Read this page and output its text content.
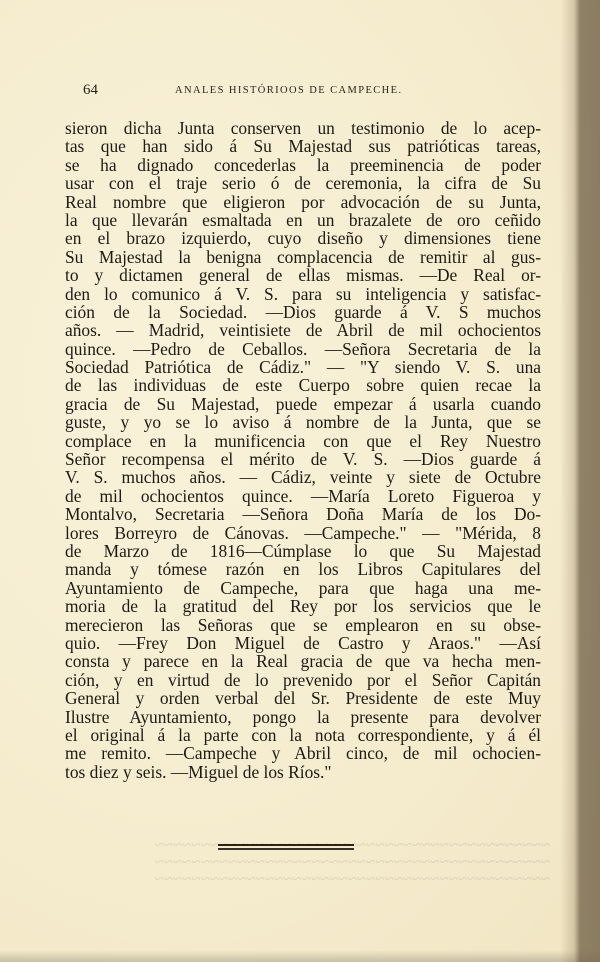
~~~~~~~~~~~~~~~~~~~~~~~~~~~~~~~~~~~~~~~~~~~
~~~~~~~~~~~~~~~~~~~~~~~~~~~~~~~~~~~~~~~~~~~
~~~~~~~~~~~~~~~~~~~~~~~~~~~~~~~~~~~~~~~~~~~
64	ANALES HISTÓRIOOS DE CAMPECHE.
sieron dicha Junta conserven un testimonio de lo acep-
tas que han sido á Su Majestad sus patrióticas tareas,
se ha dignado concederlas la preeminencia de poder
usar con el traje serio ó de ceremonia, la cifra de Su
Real nombre que eligieron por advocación de su Junta,
la que llevarán esmaltada en un brazalete de oro ceñido
en el brazo izquierdo, cuyo diseño y dimensiones tiene
Su Majestad la benigna complacencia de remitir al gus-
to y dictamen general de ellas mismas. —De Real or-
den lo comunico á V. S. para su inteligencia y satisfac-
ción de la Sociedad. —Dios guarde á V. S muchos
años. — Madrid, veintisiete de Abril de mil ochocientos
quince. —Pedro de Ceballos. —Señora Secretaria de la
Sociedad Patriótica de Cádiz." — "Y siendo V. S. una
de las individuas de este Cuerpo sobre quien recae la
gracia de Su Majestad, puede empezar á usarla cuando
guste, y yo se lo aviso á nombre de la Junta, que se
complace en la munificencia con que el Rey Nuestro
Señor recompensa el mérito de V. S. —Dios guarde á
V. S. muchos años. — Cádiz, veinte y siete de Octubre
de mil ochocientos quince. —María Loreto Figueroa y
Montalvo, Secretaria —Señora Doña María de los Do-
lores Borreyro de Cánovas. —Campeche." — "Mérida, 8
de Marzo de 1816—Cúmplase lo que Su Majestad
manda y tómese razón en los Libros Capitulares del
Ayuntamiento de Campeche, para que haga una me-
moria de la gratitud del Rey por los servicios que le
merecieron las Señoras que se emplearon en su obse-
quio. —Frey Don Miguel de Castro y Araos." —Así
consta y parece en la Real gracia de que va hecha men-
ción, y en virtud de lo prevenido por el Señor Capitán
General y orden verbal del Sr. Presidente de este Muy
Ilustre Ayuntamiento, pongo la presente para devolver
el original á la parte con la nota correspondiente, y á él
me remito. —Campeche y Abril cinco, de mil ochocien-
tos diez y seis. —Miguel de los Ríos."
